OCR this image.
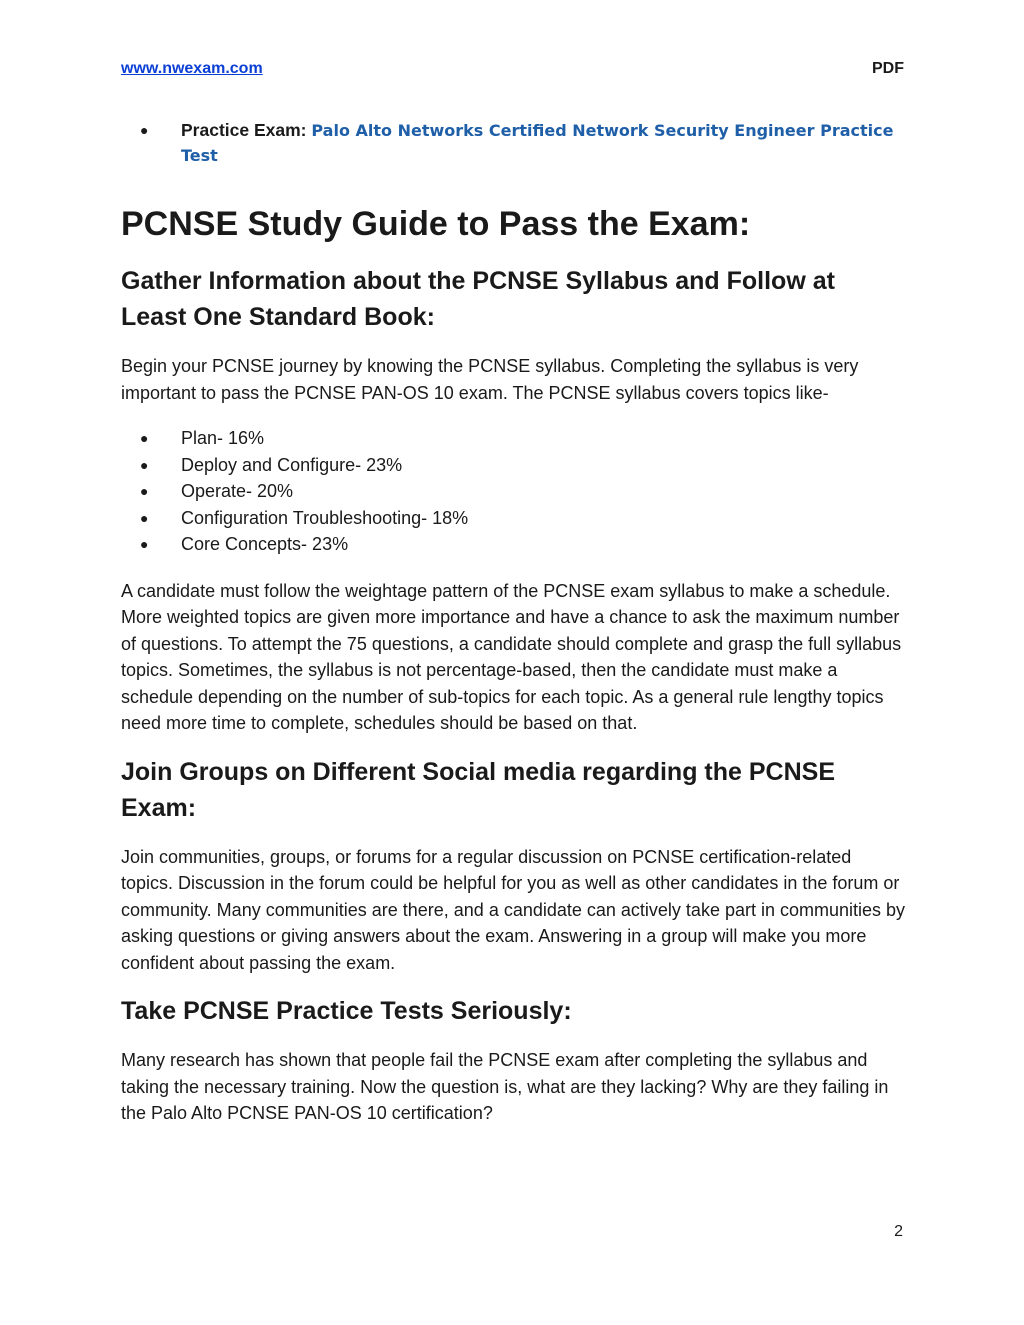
www.nwexam.com	PDF
● Practice Exam: Palo Alto Networks Certified Network Security Engineer Practice Test
PCNSE Study Guide to Pass the Exam:
Gather Information about the PCNSE Syllabus and Follow at Least One Standard Book:

Begin your PCNSE journey by knowing the PCNSE syllabus. Completing the syllabus is very important to pass the PCNSE PAN-OS 10 exam. The PCNSE syllabus covers topics like-

● Plan- 16%
● Deploy and Configure- 23%
● Operate- 20%
● Configuration Troubleshooting- 18%
● Core Concepts- 23%

A candidate must follow the weightage pattern of the PCNSE exam syllabus to make a schedule. More weighted topics are given more importance and have a chance to ask the maximum number of questions. To attempt the 75 questions, a candidate should complete and grasp the full syllabus topics. Sometimes, the syllabus is not percentage-based, then the candidate must make a schedule depending on the number of sub-topics for each topic. As a general rule lengthy topics need more time to complete, schedules should be based on that.

Join Groups on Different Social media regarding the PCNSE Exam:

Join communities, groups, or forums for a regular discussion on PCNSE certification-related topics. Discussion in the forum could be helpful for you as well as other candidates in the forum or community. Many communities are there, and a candidate can actively take part in communities by asking questions or giving answers about the exam. Answering in a group will make you more confident about passing the exam.

Take PCNSE Practice Tests Seriously:

Many research has shown that people fail the PCNSE exam after completing the syllabus and taking the necessary training. Now the question is, what are they lacking? Why are they failing in the Palo Alto PCNSE PAN-OS 10 certification?

2
